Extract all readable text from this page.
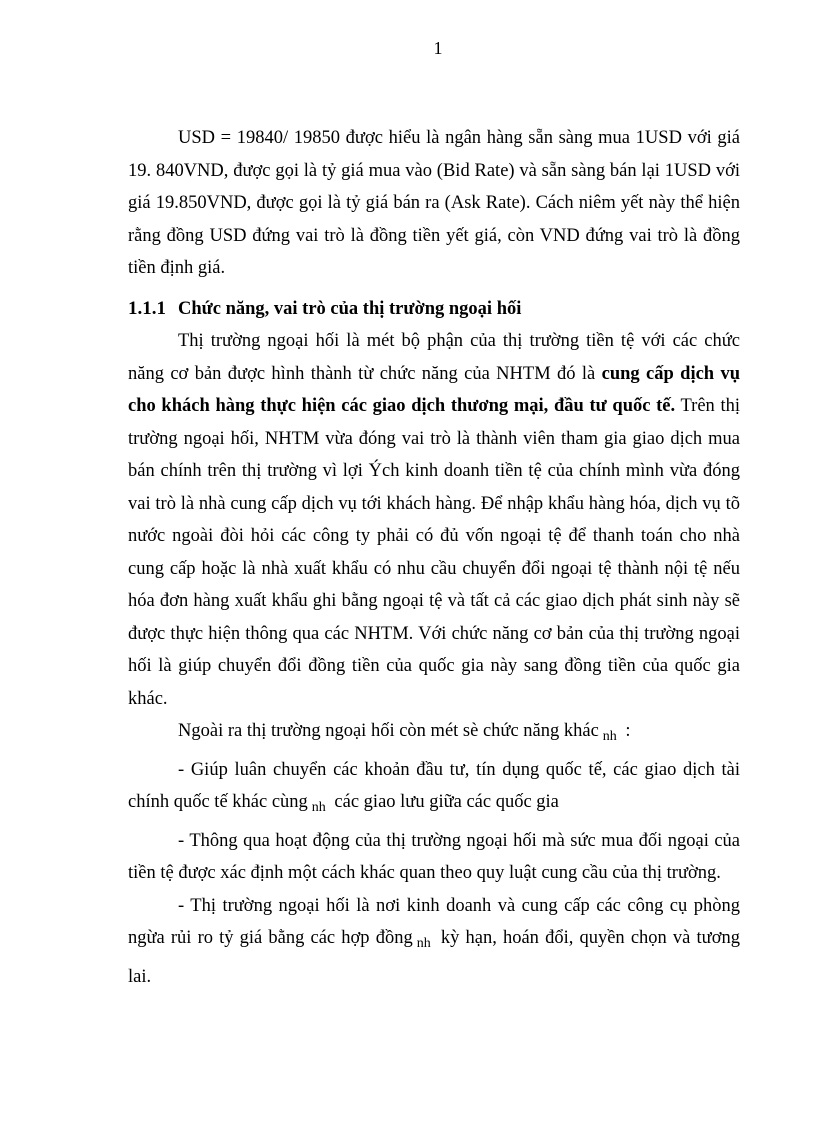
1

USD = 19840/ 19850 được hiểu là ngân hàng sẵn sàng mua 1USD với giá 19. 840VND, được gọi là tỷ giá mua vào (Bid Rate) và sẵn sàng bán lại 1USD với giá 19.850VND, được gọi là tỷ giá bán ra (Ask Rate). Cách niêm yết này thể hiện rằng đồng USD đứng vai trò là đồng tiền yết giá, còn VND đứng vai trò là đồng tiền định giá.

1.1.1 Chức năng, vai trò của thị trường ngoại hối

Thị trường ngoại hối là mét bộ phận của thị trường tiền tệ với các chức năng cơ bản được hình thành từ chức năng của NHTM đó là cung cấp dịch vụ cho khách hàng thực hiện các giao dịch thương mại, đầu tư quốc tế. Trên thị trường ngoại hối, NHTM vừa đóng vai trò là thành viên tham gia giao dịch mua bán chính trên thị trường vì lợi Ých kinh doanh tiền tệ của chính mình vừa đóng vai trò là nhà cung cấp dịch vụ tới khách hàng. Để nhập khẩu hàng hóa, dịch vụ tõ nước ngoài đòi hỏi các công ty phải có đủ vốn ngoại tệ để thanh toán cho nhà cung cấp hoặc là nhà xuất khẩu có nhu cầu chuyển đổi ngoại tệ thành nội tệ nếu hóa đơn hàng xuất khẩu ghi bằng ngoại tệ và tất cả các giao dịch phát sinh này sẽ được thực hiện thông qua các NHTM. Với chức năng cơ bản của thị trường ngoại hối là giúp chuyển đổi đồng tiền của quốc gia này sang đồng tiền của quốc gia khác.

Ngoài ra thị trường ngoại hối còn mét sè chức năng khác $_{nh}$ :

- Giúp luân chuyển các khoản đầu tư, tín dụng quốc tế, các giao dịch tài chính quốc tế khác cùng $_{nh}$ các giao lưu giữa các quốc gia

- Thông qua hoạt động của thị trường ngoại hối mà sức mua đối ngoại của tiền tệ được xác định một cách khác quan theo quy luật cung cầu của thị trường.

- Thị trường ngoại hối là nơi kinh doanh và cung cấp các công cụ phòng ngừa rủi ro tỷ giá bằng các hợp đồng $_{nh}$ kỳ hạn, hoán đổi, quyền chọn và tương lai.
